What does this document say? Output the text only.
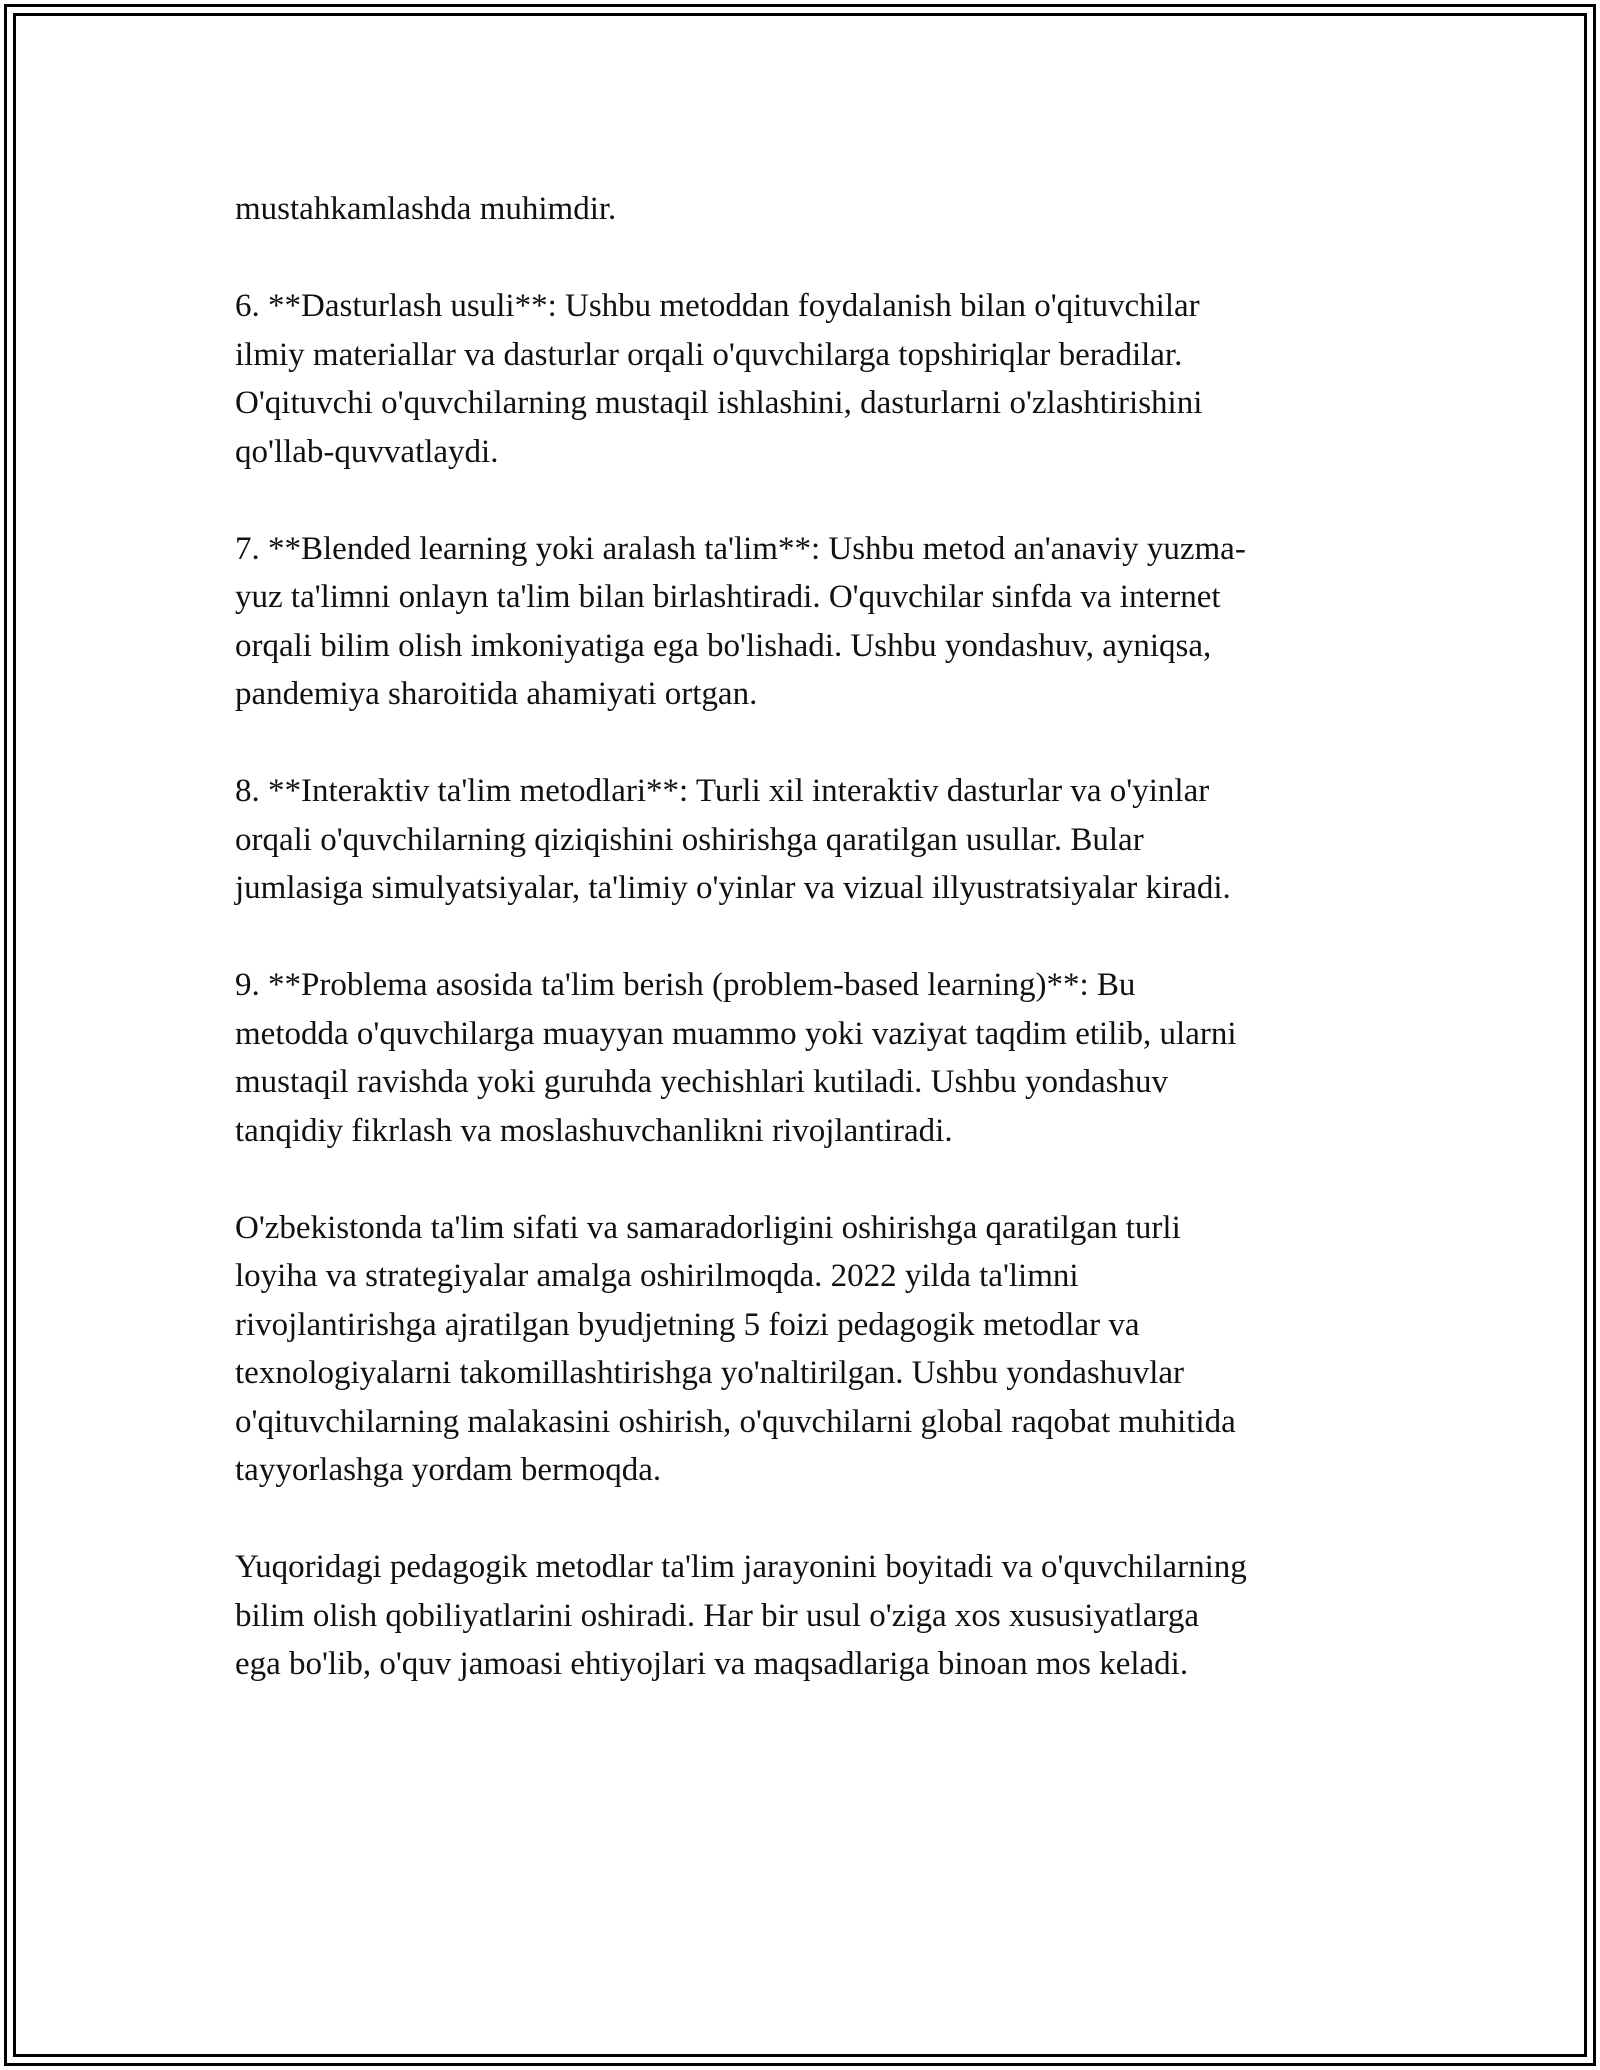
mustahkamlashda muhimdir.

6. **Dasturlash usuli**: Ushbu metoddan foydalanish bilan o'qituvchilar
ilmiy materiallar va dasturlar orqali o'quvchilarga topshiriqlar beradilar.
O'qituvchi o'quvchilarning mustaqil ishlashini, dasturlarni o'zlashtirishini
qo'llab-quvvatlaydi.

7. **Blended learning yoki aralash ta'lim**: Ushbu metod an'anaviy yuzma-
yuz ta'limni onlayn ta'lim bilan birlashtiradi. O'quvchilar sinfda va internet
orqali bilim olish imkoniyatiga ega bo'lishadi. Ushbu yondashuv, ayniqsa,
pandemiya sharoitida ahamiyati ortgan.

8. **Interaktiv ta'lim metodlari**: Turli xil interaktiv dasturlar va o'yinlar
orqali o'quvchilarning qiziqishini oshirishga qaratilgan usullar. Bular
jumlasiga simulyatsiyalar, ta'limiy o'yinlar va vizual illyustratsiyalar kiradi.

9. **Problema asosida ta'lim berish (problem-based learning)**: Bu
metodda o'quvchilarga muayyan muammo yoki vaziyat taqdim etilib, ularni
mustaqil ravishda yoki guruhda yechishlari kutiladi. Ushbu yondashuv
tanqidiy fikrlash va moslashuvchanlikni rivojlantiradi.

O'zbekistonda ta'lim sifati va samaradorligini oshirishga qaratilgan turli
loyiha va strategiyalar amalga oshirilmoqda. 2022 yilda ta'limni
rivojlantirishga ajratilgan byudjetning 5 foizi pedagogik metodlar va
texnologiyalarni takomillashtirishga yo'naltirilgan. Ushbu yondashuvlar
o'qituvchilarning malakasini oshirish, o'quvchilarni global raqobat muhitida
tayyorlashga yordam bermoqda.

Yuqoridagi pedagogik metodlar ta'lim jarayonini boyitadi va o'quvchilarning
bilim olish qobiliyatlarini oshiradi. Har bir usul o'ziga xos xususiyatlarga
ega bo'lib, o'quv jamoasi ehtiyojlari va maqsadlariga binoan mos keladi.
